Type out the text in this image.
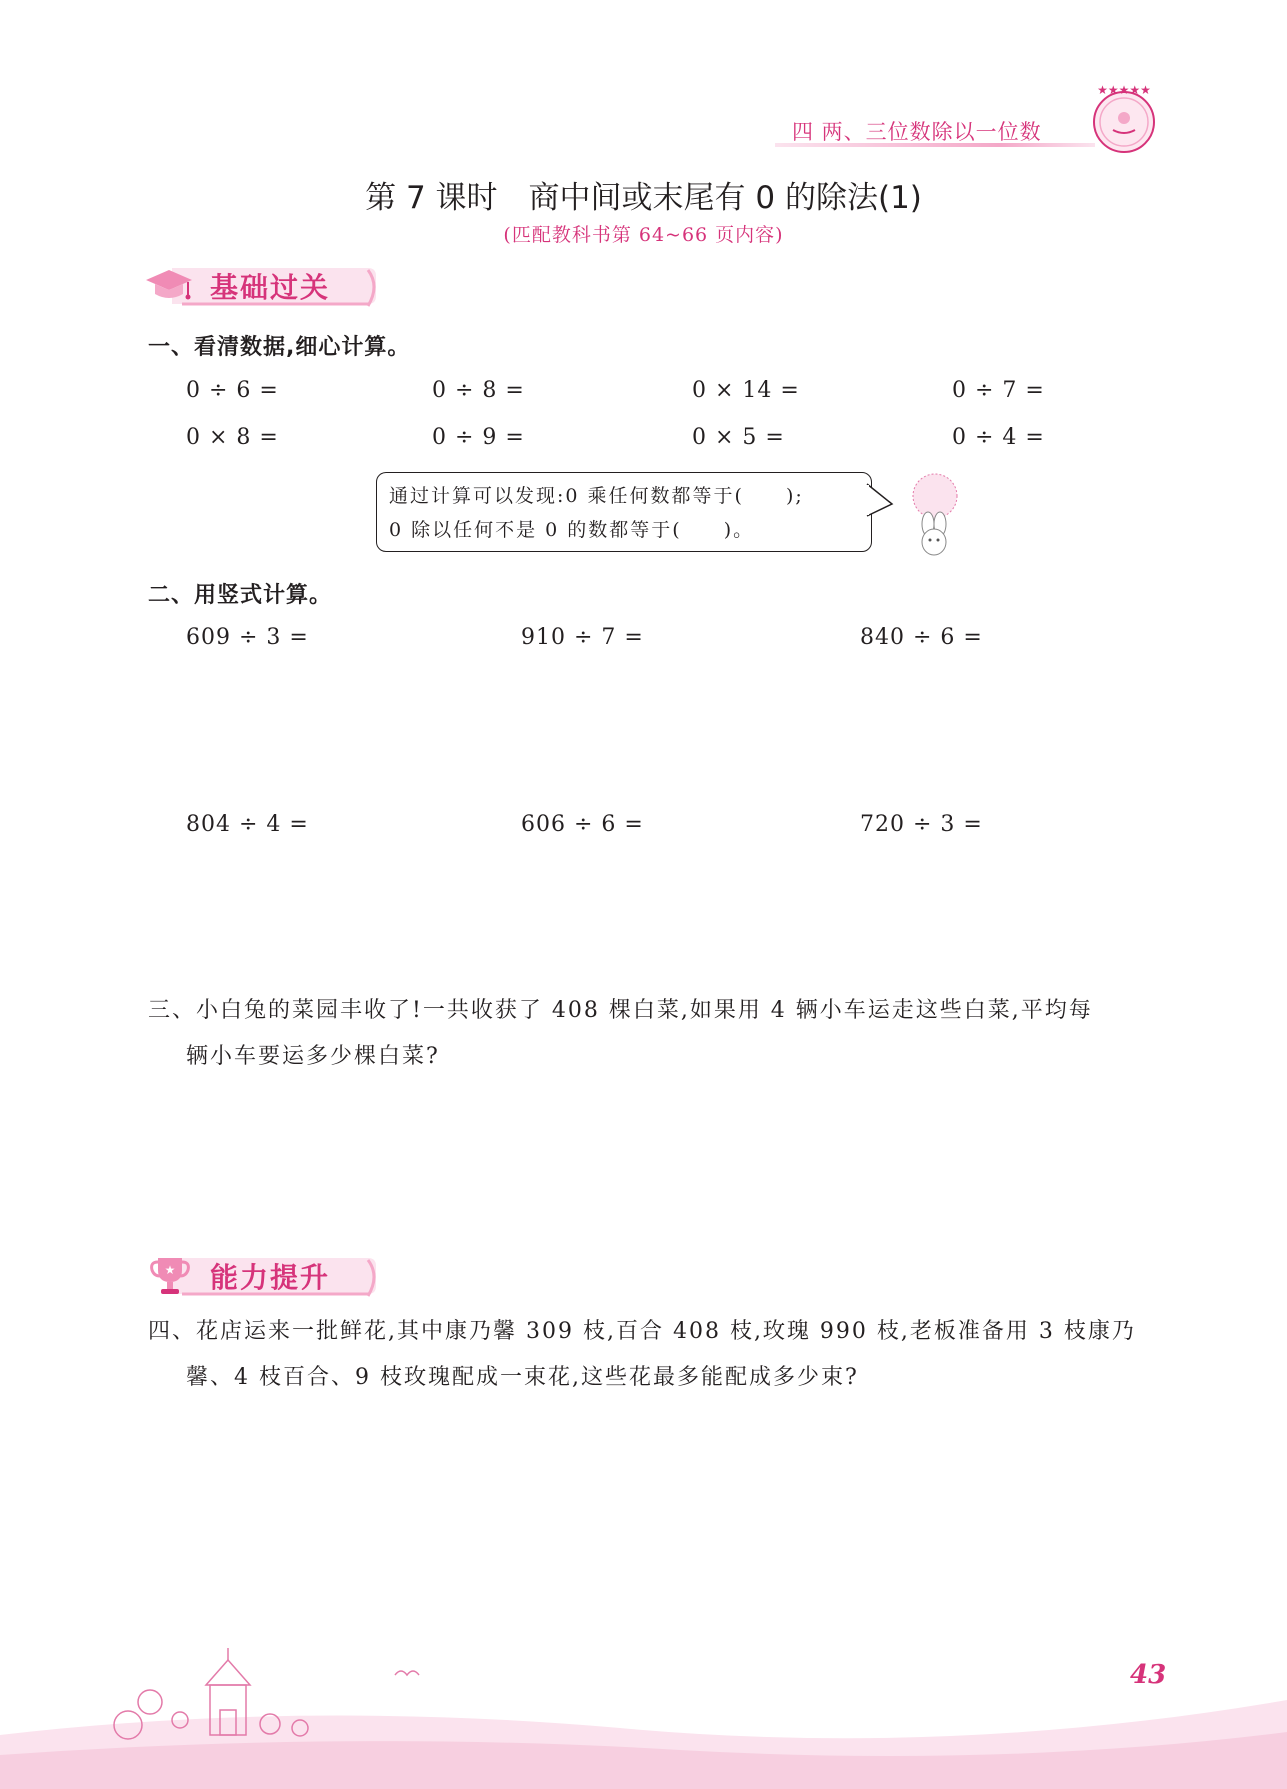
四 两、三位数除以一位数
★★★★★
第 7 课时　商中间或末尾有 0 的除法(1)
(匹配教科书第 64~66 页内容)
基础过关
一、看清数据,细心计算。
0 ÷ 6 =	0 ÷ 8 =	0 × 14 =	0 ÷ 7 =
0 × 8 =	0 ÷ 9 =	0 × 5 =	0 ÷ 4 =
通过计算可以发现:0 乘任何数都等于(　　);
0 除以任何不是 0 的数都等于(　　)。
二、用竖式计算。
609 ÷ 3 =	910 ÷ 7 =	840 ÷ 6 =
804 ÷ 4 =	606 ÷ 6 =	720 ÷ 3 =
三、小白兔的菜园丰收了!一共收获了 408 棵白菜,如果用 4 辆小车运走这些白菜,平均每
辆小车要运多少棵白菜?
★ 能力提升
四、花店运来一批鲜花,其中康乃馨 309 枝,百合 408 枝,玫瑰 990 枝,老板准备用 3 枝康乃
馨、4 枝百合、9 枝玫瑰配成一束花,这些花最多能配成多少束?
43
